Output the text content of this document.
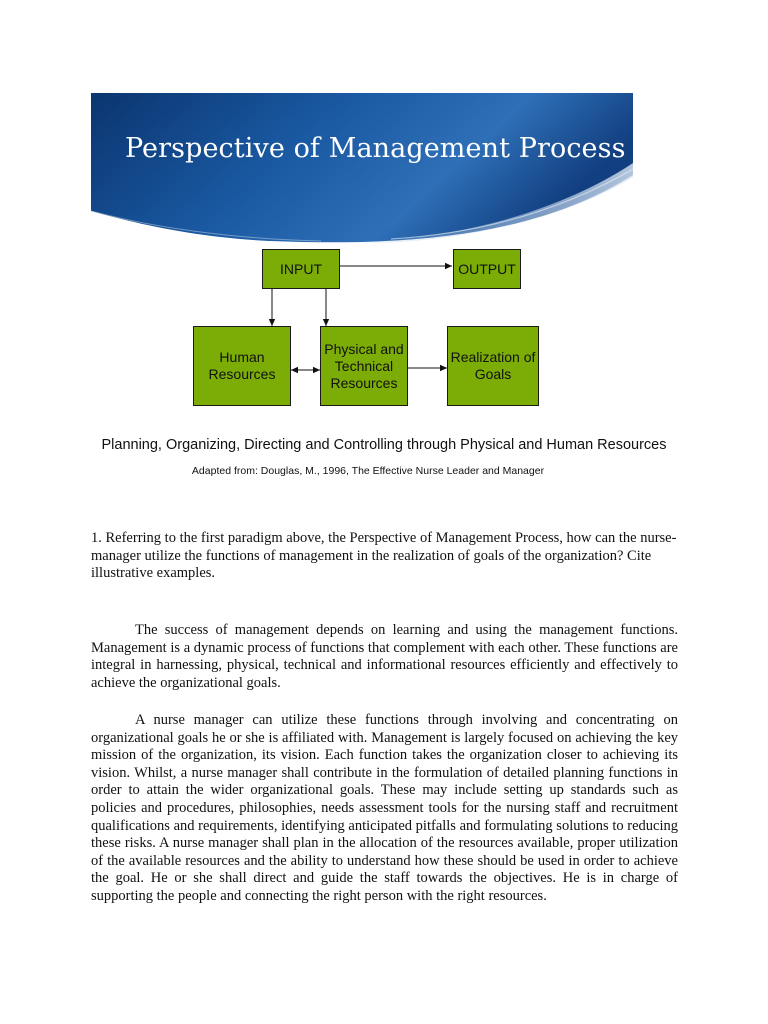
Perspective of Management Process
INPUT	OUTPUT
Human
Resources
Physical and
Technical
Resources
Realization of
Goals
Planning, Organizing, Directing and Controlling through Physical and Human Resources
Adapted from: Douglas, M., 1996, The Effective Nurse Leader and Manager
1. Referring to the first paradigm above, the Perspective of Management Process, how can the nurse-manager utilize the functions of management in the realization of goals of the organization? Cite illustrative examples.
The success of management depends on learning and using the management functions. Management is a dynamic process of functions that complement with each other. These functions are integral in harnessing, physical, technical and informational resources efficiently and effectively to achieve the organizational goals.
A nurse manager can utilize these functions through involving and concentrating on organizational goals he or she is affiliated with. Management is largely focused on achieving the key mission of the organization, its vision. Each function takes the organization closer to achieving its vision. Whilst, a nurse manager shall contribute in the formulation of detailed planning functions in order to attain the wider organizational goals. These may include setting up standards such as policies and procedures, philosophies, needs assessment tools for the nursing staff and recruitment qualifications and requirements, identifying anticipated pitfalls and formulating solutions to reducing these risks. A nurse manager shall plan in the allocation of the resources available, proper utilization of the available resources and the ability to understand how these should be used in order to achieve the goal. He or she shall direct and guide the staff towards the objectives. He is in charge of supporting the people and connecting the right person with the right resources.
